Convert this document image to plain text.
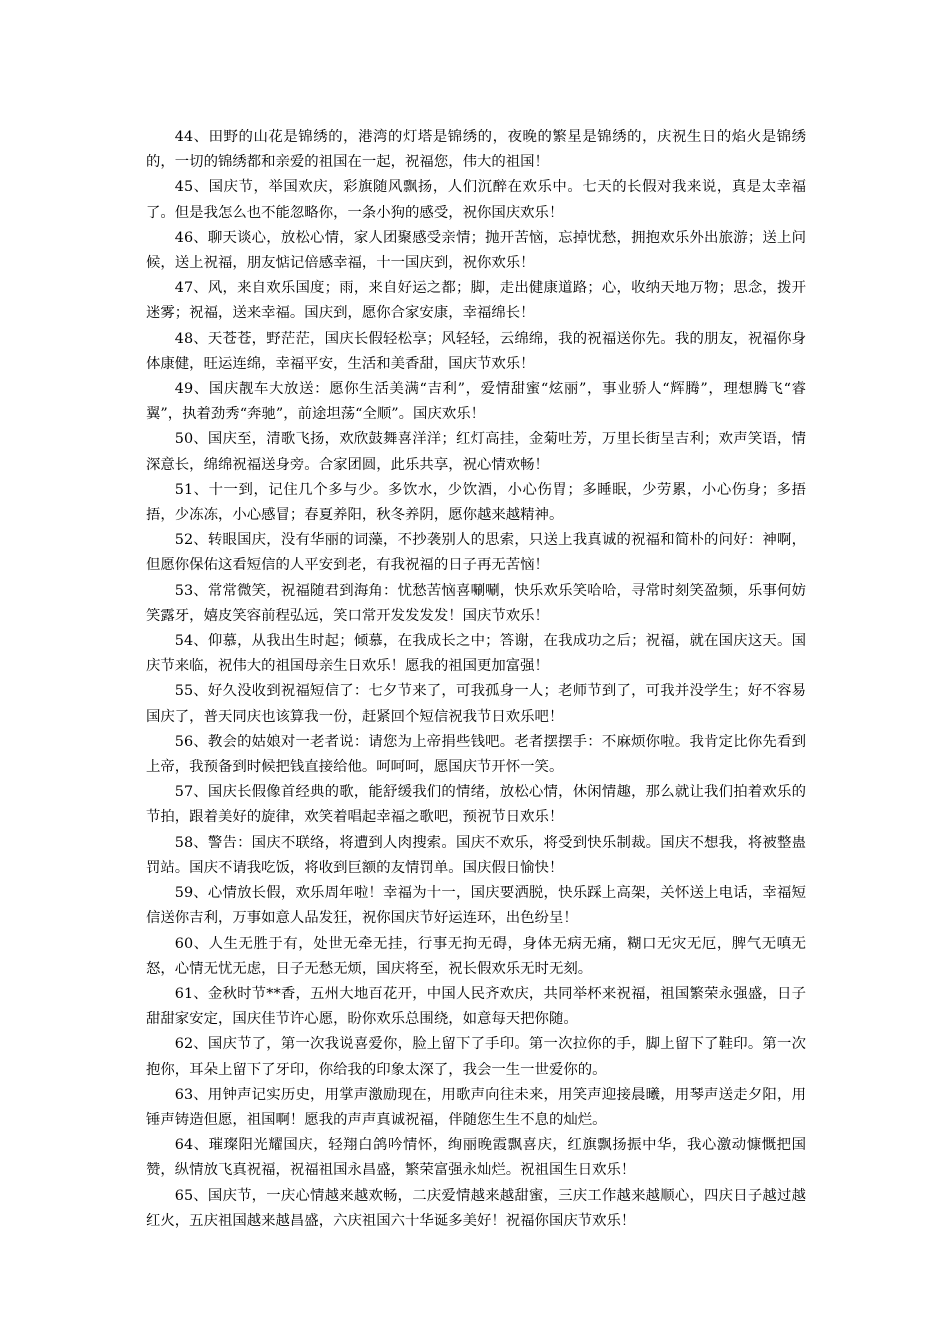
44、田野的山花是锦绣的，港湾的灯塔是锦绣的，夜晚的繁星是锦绣的，庆祝生日的焰火是锦绣的，一切的锦绣都和亲爱的祖国在一起，祝福您，伟大的祖国！

45、国庆节，举国欢庆，彩旗随风飘扬，人们沉醉在欢乐中。七天的长假对我来说，真是太幸福了。但是我怎么也不能忽略你，一条小狗的感受，祝你国庆欢乐！

46、聊天谈心，放松心情，家人团聚感受亲情；抛开苦恼，忘掉忧愁，拥抱欢乐外出旅游；送上问候，送上祝福，朋友惦记倍感幸福，十一国庆到，祝你欢乐！

47、风，来自欢乐国度；雨，来自好运之都；脚，走出健康道路；心，收纳天地万物；思念，拨开迷雾；祝福，送来幸福。国庆到，愿你合家安康，幸福绵长！

48、天苍苍，野茫茫，国庆长假轻松享；风轻轻，云绵绵，我的祝福送你先。我的朋友，祝福你身体康健，旺运连绵，幸福平安，生活和美香甜，国庆节欢乐！

49、国庆靓车大放送：愿你生活美满“吉利”，爱情甜蜜“炫丽”，事业骄人“辉腾”，理想腾飞“睿翼”，执着劲秀“奔驰”，前途坦荡“全顺”。国庆欢乐！

50、国庆至，清歌飞扬，欢欣鼓舞喜洋洋；红灯高挂，金菊吐芳，万里长街呈吉利；欢声笑语，情深意长，绵绵祝福送身旁。合家团圆，此乐共享，祝心情欢畅！

51、十一到，记住几个多与少。多饮水，少饮酒，小心伤胃；多睡眠，少劳累，小心伤身；多捂捂，少冻冻，小心感冒；春夏养阳，秋冬养阴，愿你越来越精神。

52、转眼国庆，没有华丽的词藻，不抄袭别人的思索，只送上我真诚的祝福和简朴的问好：神啊，但愿你保佑这看短信的人平安到老，有我祝福的日子再无苦恼！

53、常常微笑，祝福随君到海角：忧愁苦恼喜唰唰，快乐欢乐笑哈哈，寻常时刻笑盈频，乐事何妨笑露牙，嬉皮笑容前程弘远，笑口常开发发发发！国庆节欢乐！

54、仰慕，从我出生时起；倾慕，在我成长之中；答谢，在我成功之后；祝福，就在国庆这天。国庆节来临，祝伟大的祖国母亲生日欢乐！愿我的祖国更加富强！

55、好久没收到祝福短信了：七夕节来了，可我孤身一人；老师节到了，可我并没学生；好不容易国庆了，普天同庆也该算我一份，赶紧回个短信祝我节日欢乐吧！

56、教会的姑娘对一老者说：请您为上帝捐些钱吧。老者摆摆手：不麻烦你啦。我肯定比你先看到上帝，我预备到时候把钱直接给他。呵呵呵，愿国庆节开怀一笑。

57、国庆长假像首经典的歌，能舒缓我们的情绪，放松心情，休闲情趣，那么就让我们拍着欢乐的节拍，跟着美好的旋律，欢笑着唱起幸福之歌吧，预祝节日欢乐！

58、警告：国庆不联络，将遭到人肉搜索。国庆不欢乐，将受到快乐制裁。国庆不想我，将被整蛊罚站。国庆不请我吃饭，将收到巨额的友情罚单。国庆假日愉快！

59、心情放长假，欢乐周年啦！幸福为十一，国庆要洒脱，快乐踩上高架，关怀送上电话，幸福短信送你吉利，万事如意人品发狂，祝你国庆节好运连环，出色纷呈！

60、人生无胜于有，处世无牵无挂，行事无拘无碍，身体无病无痛，糊口无灾无厄，脾气无嗔无怒，心情无忧无虑，日子无愁无烦，国庆将至，祝长假欢乐无时无刻。

61、金秋时节**香，五州大地百花开，中国人民齐欢庆，共同举杯来祝福，祖国繁荣永强盛，日子甜甜家安定，国庆佳节许心愿，盼你欢乐总围绕，如意每天把你随。

62、国庆节了，第一次我说喜爱你，脸上留下了手印。第一次拉你的手，脚上留下了鞋印。第一次抱你，耳朵上留下了牙印，你给我的印象太深了，我会一生一世爱你的。

63、用钟声记实历史，用掌声激励现在，用歌声向往未来，用笑声迎接晨曦，用琴声送走夕阳，用锤声铸造但愿，祖国啊！愿我的声声真诚祝福，伴随您生生不息的灿烂。

64、璀璨阳光耀国庆，轻翔白鸽吟情怀，绚丽晚霞飘喜庆，红旗飘扬振中华，我心激动慷慨把国赞，纵情放飞真祝福，祝福祖国永昌盛，繁荣富强永灿烂。祝祖国生日欢乐！

65、国庆节，一庆心情越来越欢畅，二庆爱情越来越甜蜜，三庆工作越来越顺心，四庆日子越过越红火，五庆祖国越来越昌盛，六庆祖国六十华诞多美好！祝福你国庆节欢乐！
